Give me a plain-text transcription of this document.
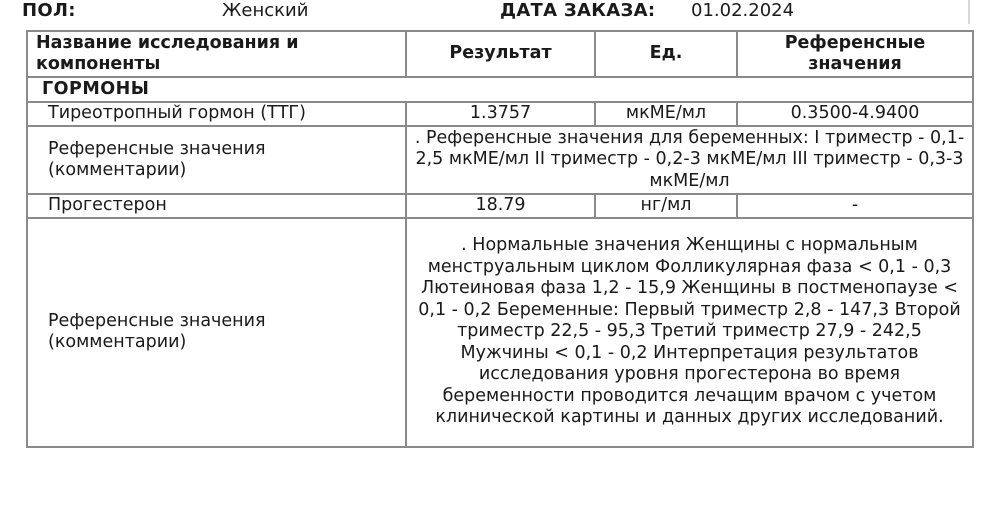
ПОЛ:	Женский	ДАТА ЗАКАЗА: 01.02.2024
Название исследования и компоненты	Результат	Ед.	Референсные значения
ГОРМОНЫ			
Тиреотропный гормон (ТТГ)	1.3757	мкМЕ/мл	0.3500-4.9400
Референсные значения (комментарии)	. Референсные значения для беременных: I триместр - 0,1-2,5 мкМЕ/мл II триместр - 0,2-3 мкМЕ/мл III триместр - 0,3-3 мкМЕ/мл		
Прогестерон	18.79	нг/мл	-
Референсные значения (комментарии)	. Нормальные значения Женщины с нормальным менструальным циклом Фолликулярная фаза < 0,1 - 0,3 Лютеиновая фаза 1,2 - 15,9 Женщины в постменопаузе < 0,1 - 0,2 Беременные: Первый триместр 2,8 - 147,3 Второй триместр 22,5 - 95,3 Третий триместр 27,9 - 242,5 Мужчины < 0,1 - 0,2 Интерпретация результатов исследования уровня прогестерона во время беременности проводится лечащим врачом с учетом клинической картины и данных других исследований.		
